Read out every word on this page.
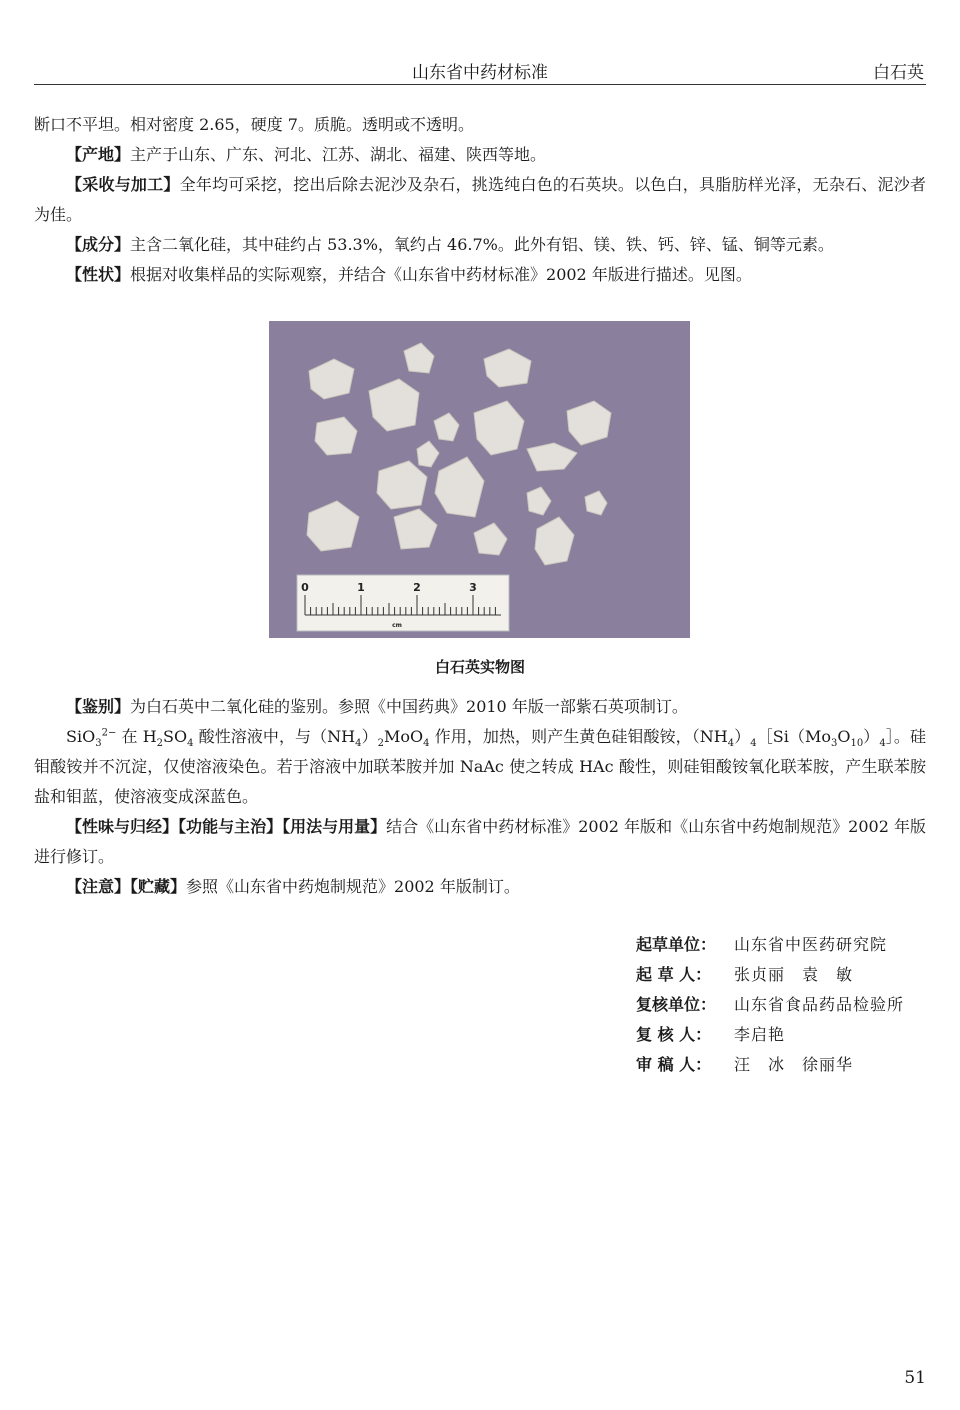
山东省中药材标准	白石英

断口不平坦。相对密度 2.65，硬度 7。质脆。透明或不透明。

【产地】主产于山东、广东、河北、江苏、湖北、福建、陕西等地。

【采收与加工】全年均可采挖，挖出后除去泥沙及杂石，挑选纯白色的石英块。以色白，具脂肪样光泽，无杂石、泥沙者为佳。

【成分】主含二氧化硅，其中硅约占 53.3%，氧约占 46.7%。此外有铝、镁、铁、钙、锌、锰、铜等元素。

【性状】根据对收集样品的实际观察，并结合《山东省中药材标准》2002 年版进行描述。见图。

0	1	2	3
cm
白石英实物图

【鉴别】为白石英中二氧化硅的鉴别。参照《中国药典》2010 年版一部紫石英项制订。

SiO$_3^{2-}$ 在 $H_2SO_4$ 酸性溶液中，与$(NH_4)_2MoO_4$ 作用，加热，则产生黄色硅钼酸铵，$(NH_4)_4[Si(Mo_3O_{10})_4]$。硅钼酸铵并不沉淀，仅使溶液染色。若于溶液中加联苯胺并加 NaAc 使之转成 HAc 酸性，则硅钼酸铵氧化联苯胺，产生联苯胺盐和钼蓝，使溶液变成深蓝色。

【性味与归经】【功能与主治】【用法与用量】结合《山东省中药材标准》2002 年版和《山东省中药炮制规范》2002 年版进行修订。

【注意】【贮藏】参照《山东省中药炮制规范》2002 年版制订。

起草单位：	山东省中医药研究院
起 草 人：	张贞丽　袁　敏
复核单位：	山东省食品药品检验所
复 核 人：	李启艳
审 稿 人：	汪　冰　徐丽华
51
